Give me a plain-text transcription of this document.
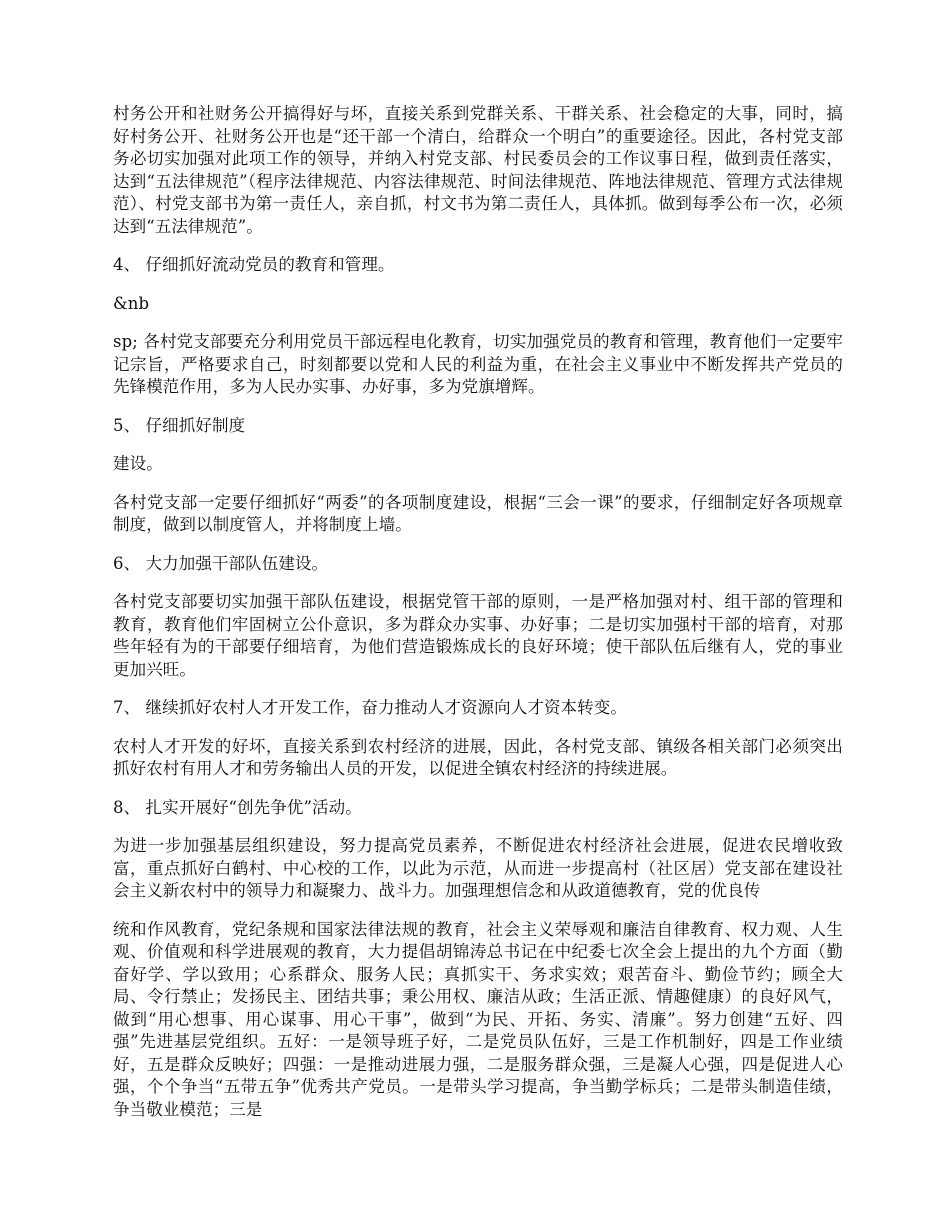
村务公开和社财务公开搞得好与坏，直接关系到党群关系、干群关系、社会稳定的大事，同时，搞好村务公开、社财务公开也是“还干部一个清白，给群众一个明白”的重要途径。因此，各村党支部务必切实加强对此项工作的领导，并纳入村党支部、村民委员会的工作议事日程，做到责任落实，达到“五法律规范”（程序法律规范、内容法律规范、时间法律规范、阵地法律规范、管理方式法律规范）、村党支部书为第一责任人，亲自抓，村文书为第二责任人，具体抓。做到每季公布一次，必须达到“五法律规范”。

4、 仔细抓好流动党员的教育和管理。

&nb

sp; 各村党支部要充分利用党员干部远程电化教育，切实加强党员的教育和管理，教育他们一定要牢记宗旨，严格要求自己，时刻都要以党和人民的利益为重，在社会主义事业中不断发挥共产党员的先锋模范作用，多为人民办实事、办好事，多为党旗增辉。

5、 仔细抓好制度

建设。

各村党支部一定要仔细抓好“两委”的各项制度建设，根据“三会一课”的要求，仔细制定好各项规章制度，做到以制度管人，并将制度上墙。

6、 大力加强干部队伍建设。

各村党支部要切实加强干部队伍建设，根据党管干部的原则，一是严格加强对村、组干部的管理和教育，教育他们牢固树立公仆意识，多为群众办实事、办好事；二是切实加强村干部的培育，对那些年轻有为的干部要仔细培育，为他们营造锻炼成长的良好环境；使干部队伍后继有人，党的事业更加兴旺。

7、 继续抓好农村人才开发工作，奋力推动人才资源向人才资本转变。

农村人才开发的好坏，直接关系到农村经济的进展，因此，各村党支部、镇级各相关部门必须突出抓好农村有用人才和劳务输出人员的开发，以促进全镇农村经济的持续进展。

8、 扎实开展好“创先争优”活动。

为进一步加强基层组织建设，努力提高党员素养，不断促进农村经济社会进展，促进农民增收致富，重点抓好白鹤村、中心校的工作，以此为示范，从而进一步提高村（社区居）党支部在建设社会主义新农村中的领导力和凝聚力、战斗力。加强理想信念和从政道德教育，党的优良传

统和作风教育，党纪条规和国家法律法规的教育，社会主义荣辱观和廉洁自律教育、权力观、人生观、价值观和科学进展观的教育，大力提倡胡锦涛总书记在中纪委七次全会上提出的九个方面（勤奋好学、学以致用；心系群众、服务人民；真抓实干、务求实效；艰苦奋斗、勤俭节约；顾全大局、令行禁止；发扬民主、团结共事；秉公用权、廉洁从政；生活正派、情趣健康）的良好风气，做到“用心想事、用心谋事、用心干事”，做到“为民、开拓、务实、清廉”。努力创建“五好、四强”先进基层党组织。五好：一是领导班子好，二是党员队伍好，三是工作机制好，四是工作业绩好，五是群众反映好；四强：一是推动进展力强，二是服务群众强，三是凝人心强，四是促进人心强，个个争当“五带五争”优秀共产党员。一是带头学习提高，争当勤学标兵；二是带头制造佳绩，争当敬业模范；三是
